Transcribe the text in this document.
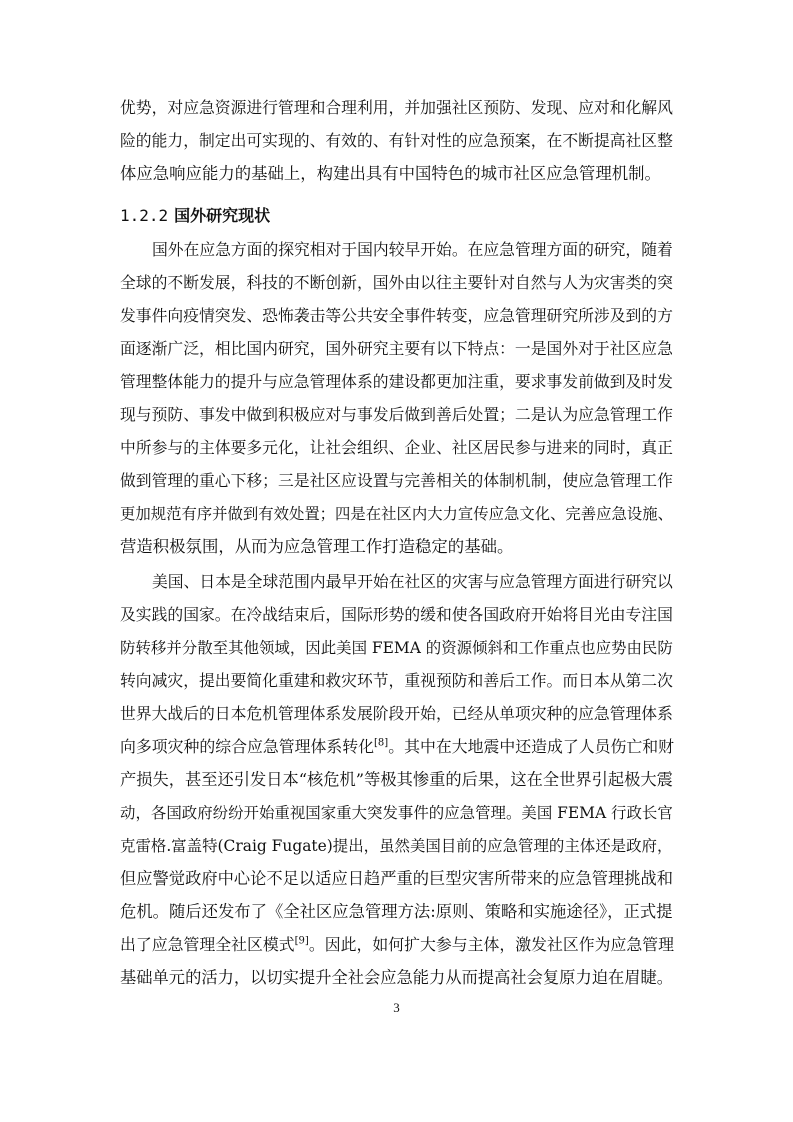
优势，对应急资源进行管理和合理利用，并加强社区预防、发现、应对和化解风
险的能力，制定出可实现的、有效的、有针对性的应急预案，在不断提高社区整
体应急响应能力的基础上，构建出具有中国特色的城市社区应急管理机制。
1.2.2 国外研究现状
国外在应急方面的探究相对于国内较早开始。在应急管理方面的研究，随着
全球的不断发展，科技的不断创新，国外由以往主要针对自然与人为灾害类的突
发事件向疫情突发、恐怖袭击等公共安全事件转变，应急管理研究所涉及到的方
面逐渐广泛，相比国内研究，国外研究主要有以下特点：一是国外对于社区应急
管理整体能力的提升与应急管理体系的建设都更加注重，要求事发前做到及时发
现与预防、事发中做到积极应对与事发后做到善后处置；二是认为应急管理工作
中所参与的主体要多元化，让社会组织、企业、社区居民参与进来的同时，真正
做到管理的重心下移；三是社区应设置与完善相关的体制机制，使应急管理工作
更加规范有序并做到有效处置；四是在社区内大力宣传应急文化、完善应急设施、
营造积极氛围，从而为应急管理工作打造稳定的基础。
美国、日本是全球范围内最早开始在社区的灾害与应急管理方面进行研究以
及实践的国家。在冷战结束后，国际形势的缓和使各国政府开始将目光由专注国
防转移并分散至其他领域，因此美国 FEMA 的资源倾斜和工作重点也应势由民防
转向减灾，提出要简化重建和救灾环节，重视预防和善后工作。而日本从第二次
世界大战后的日本危机管理体系发展阶段开始，已经从单项灾种的应急管理体系
向多项灾种的综合应急管理体系转化[8]。其中在大地震中还造成了人员伤亡和财
产损失，甚至还引发日本“核危机”等极其惨重的后果，这在全世界引起极大震
动，各国政府纷纷开始重视国家重大突发事件的应急管理。美国 FEMA 行政长官
克雷格.富盖特(Craig Fugate)提出，虽然美国目前的应急管理的主体还是政府，
但应警觉政府中心论不足以适应日趋严重的巨型灾害所带来的应急管理挑战和
危机。随后还发布了《全社区应急管理方法:原则、策略和实施途径》，正式提
出了应急管理全社区模式[9]。因此，如何扩大参与主体，激发社区作为应急管理
基础单元的活力，以切实提升全社会应急能力从而提高社会复原力迫在眉睫。
3
